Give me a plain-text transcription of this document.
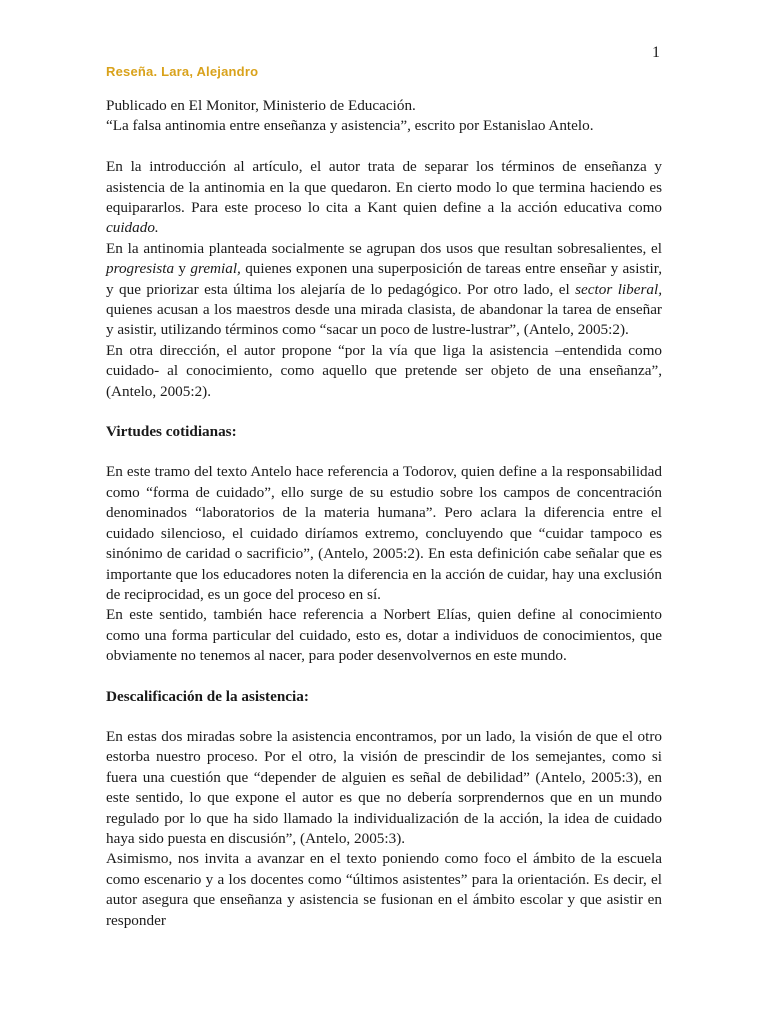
1
Reseña. Lara, Alejandro

Publicado en El Monitor, Ministerio de Educación.

“La falsa antinomia entre enseñanza y asistencia”, escrito por Estanislao Antelo.

En la introducción al artículo, el autor trata de separar los términos de enseñanza y asistencia de la antinomia en la que quedaron. En cierto modo lo que termina haciendo es equipararlos. Para este proceso lo cita a Kant quien define a la acción educativa como cuidado.

En la antinomia planteada socialmente se agrupan dos usos que resultan sobresalientes, el progresista y gremial, quienes exponen una superposición de tareas entre enseñar y asistir, y que priorizar esta última los alejaría de lo pedagógico. Por otro lado, el sector liberal, quienes acusan a los maestros desde una mirada clasista, de abandonar la tarea de enseñar y asistir, utilizando términos como “sacar un poco de lustre-lustrar”, (Antelo, 2005:2).

En otra dirección, el autor propone “por la vía que liga la asistencia –entendida como cuidado- al conocimiento, como aquello que pretende ser objeto de una enseñanza”, (Antelo, 2005:2).

Virtudes cotidianas:

En este tramo del texto Antelo hace referencia a Todorov, quien define a la responsabilidad como “forma de cuidado”, ello surge de su estudio sobre los campos de concentración denominados “laboratorios de la materia humana”. Pero aclara la diferencia entre el cuidado silencioso, el cuidado diríamos extremo, concluyendo que “cuidar tampoco es sinónimo de caridad o sacrificio”, (Antelo, 2005:2). En esta definición cabe señalar que es importante que los educadores noten la diferencia en la acción de cuidar, hay una exclusión de reciprocidad, es un goce del proceso en sí.

En este sentido, también hace referencia a Norbert Elías, quien define al conocimiento como una forma particular del cuidado, esto es, dotar a individuos de conocimientos, que obviamente no tenemos al nacer, para poder desenvolvernos en este mundo.

Descalificación de la asistencia:

En estas dos miradas sobre la asistencia encontramos, por un lado, la visión de que el otro estorba nuestro proceso. Por el otro, la visión de prescindir de los semejantes, como si fuera una cuestión que “depender de alguien es señal de debilidad” (Antelo, 2005:3), en este sentido, lo que expone el autor es que no debería sorprendernos que en un mundo regulado por lo que ha sido llamado la individualización de la acción, la idea de cuidado haya sido puesta en discusión”, (Antelo, 2005:3).

Asimismo, nos invita a avanzar en el texto poniendo como foco el ámbito de la escuela como escenario y a los docentes como “últimos asistentes” para la orientación. Es decir, el autor asegura que enseñanza y asistencia se fusionan en el ámbito escolar y que asistir en responder
